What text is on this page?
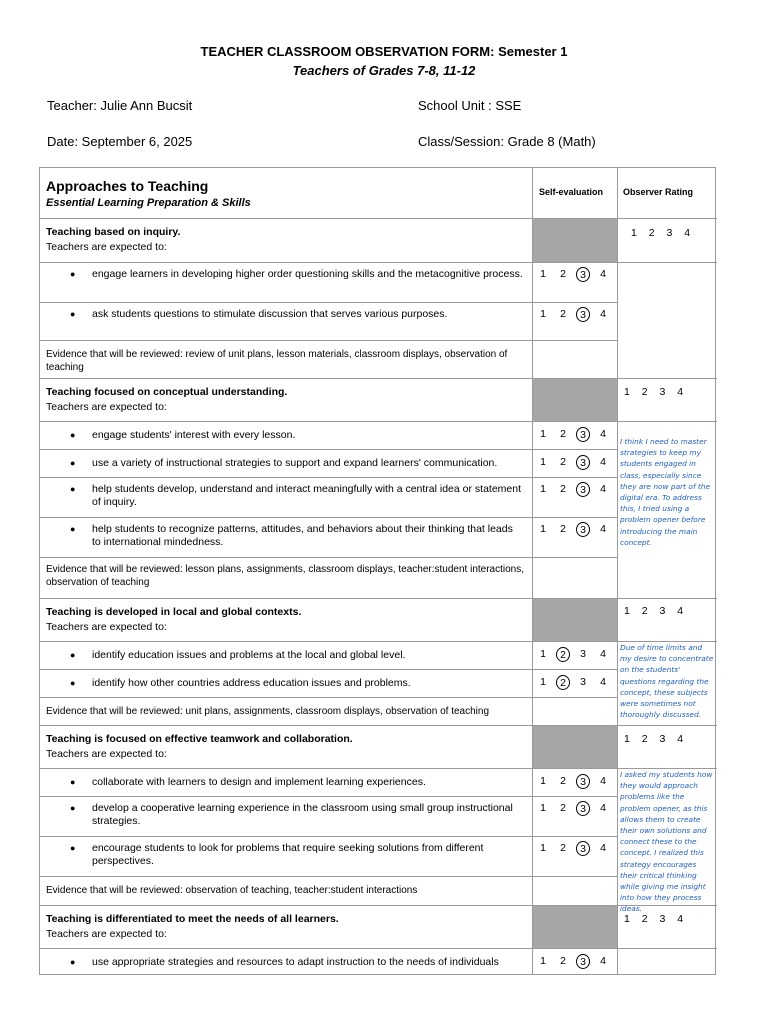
TEACHER CLASSROOM OBSERVATION FORM: Semester 1
Teachers of Grades 7-8, 11-12
Teacher: Julie Ann Bucsit	School Unit : SSE
Date: September 6, 2025	Class/Session: Grade 8 (Math)
Approaches to Teaching
Essential Learning Preparation & Skills
Self-evaluation Observer Rating
Teaching based on inquiry.
Teachers are expected to:
1 2 3 4
● engage learners in developing higher order questioning skills and the metacognitive process.	1	2	3	4
● ask students questions to stimulate discussion that serves various purposes.	1	2	3	4
Evidence that will be reviewed: review of unit plans, lesson materials, classroom displays, observation of teaching
Teaching focused on conceptual understanding.
Teachers are expected to:
1 2 3 4
● engage students' interest with every lesson.	1	2	3	4
● use a variety of instructional strategies to support and expand learners' communication.	1	2	3	4
● help students develop, understand and interact meaningfully with a central idea or statement of inquiry.
1	2	3	4
● help students to recognize patterns, attitudes, and behaviors about their thinking that leads to international mindedness.
1	2	3	4
Evidence that will be reviewed: lesson plans, assignments, classroom displays, teacher:student interactions, observation of teaching
I think I need to master strategies to keep my students engaged in class, especially since they are now part of the digital era. To address this, I tried using a problem opener before introducing the main concept.
Teaching is developed in local and global contexts.
Teachers are expected to:
1 2 3 4
● identify education issues and problems at the local and global level.	1	2	3	4
● identify how other countries address education issues and problems.	1	2	3	4
Evidence that will be reviewed: unit plans, assignments, classroom displays, observation of teaching
Due of time limits and my desire to concentrate on the students' questions regarding the concept, these subjects were sometimes not thoroughly discussed.
Teaching is focused on effective teamwork and collaboration.
Teachers are expected to:
1 2 3 4
● collaborate with learners to design and implement learning experiences.	1	2	3	4
● develop a cooperative learning experience in the classroom using small group instructional strategies.
1	2	3	4
● encourage students to look for problems that require seeking solutions from different perspectives.
1	2	3	4
Evidence that will be reviewed: observation of teaching, teacher:student interactions
I asked my students how they would approach problems like the problem opener, as this allows them to create their own solutions and connect these to the concept. I realized this strategy encourages their critical thinking while giving me insight into how they process ideas.
Teaching is differentiated to meet the needs of all learners.
Teachers are expected to:
1 2 3 4
● use appropriate strategies and resources to adapt instruction to the needs of individuals	1	2	3	4
